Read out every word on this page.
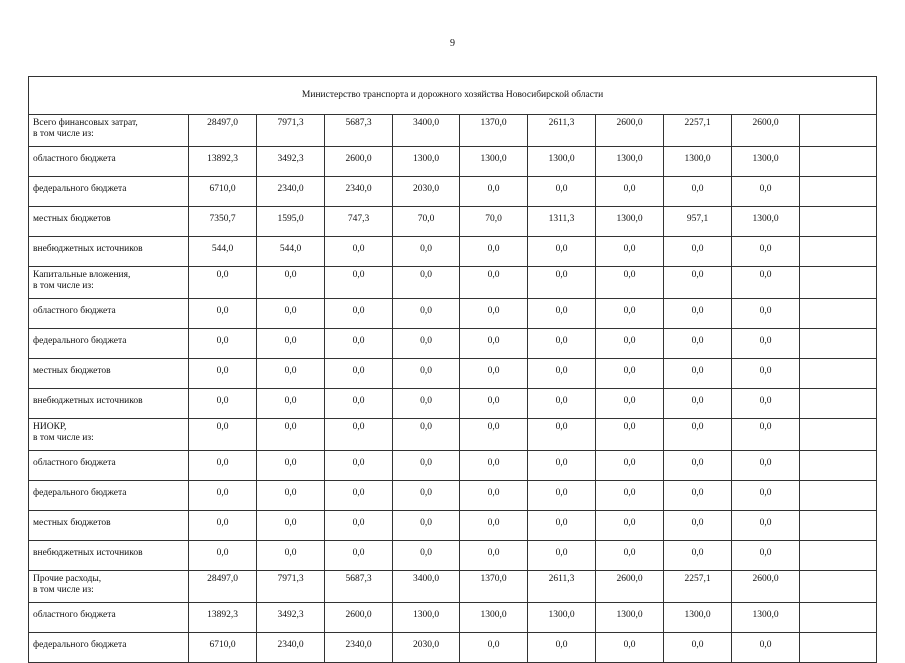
9
Министерство транспорта и дорожного хозяйства Новосибирской области										
Всего финансовых затрат,
в том числе из:	28497,0	7971,3	5687,3	3400,0	1370,0	2611,3	2600,0	2257,1	2600,0	
областного бюджета	13892,3	3492,3	2600,0	1300,0	1300,0	1300,0	1300,0	1300,0	1300,0	
федерального бюджета	6710,0	2340,0	2340,0	2030,0	0,0	0,0	0,0	0,0	0,0	
местных бюджетов	7350,7	1595,0	747,3	70,0	70,0	1311,3	1300,0	957,1	1300,0	
внебюджетных источников	544,0	544,0	0,0	0,0	0,0	0,0	0,0	0,0	0,0	
Капитальные вложения,
в том числе из:	0,0	0,0	0,0	0,0	0,0	0,0	0,0	0,0	0,0	
областного бюджета	0,0	0,0	0,0	0,0	0,0	0,0	0,0	0,0	0,0	
федерального бюджета	0,0	0,0	0,0	0,0	0,0	0,0	0,0	0,0	0,0	
местных бюджетов	0,0	0,0	0,0	0,0	0,0	0,0	0,0	0,0	0,0	
внебюджетных источников	0,0	0,0	0,0	0,0	0,0	0,0	0,0	0,0	0,0	
НИОКР,
в том числе из:	0,0	0,0	0,0	0,0	0,0	0,0	0,0	0,0	0,0	
областного бюджета	0,0	0,0	0,0	0,0	0,0	0,0	0,0	0,0	0,0	
федерального бюджета	0,0	0,0	0,0	0,0	0,0	0,0	0,0	0,0	0,0	
местных бюджетов	0,0	0,0	0,0	0,0	0,0	0,0	0,0	0,0	0,0	
внебюджетных источников	0,0	0,0	0,0	0,0	0,0	0,0	0,0	0,0	0,0	
Прочие расходы,
в том числе из:	28497,0	7971,3	5687,3	3400,0	1370,0	2611,3	2600,0	2257,1	2600,0	
областного бюджета	13892,3	3492,3	2600,0	1300,0	1300,0	1300,0	1300,0	1300,0	1300,0	
федерального бюджета	6710,0	2340,0	2340,0	2030,0	0,0	0,0	0,0	0,0	0,0	
